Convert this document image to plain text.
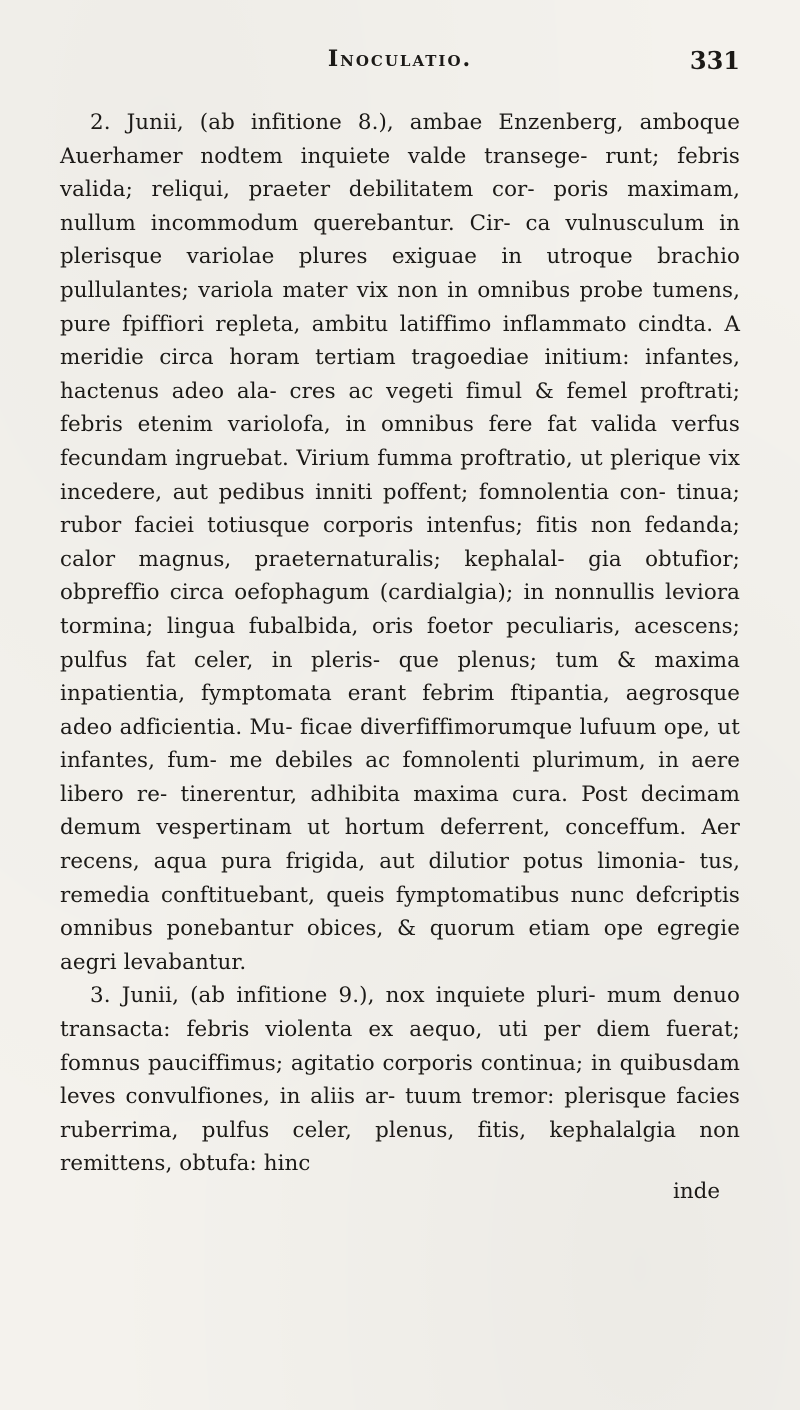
Inoculatio.	331

2. Junii, (ab infitione 8.), ambae Enzenberg, amboque Auerhamer nodtem inquiete valde transege- runt; febris valida; reliqui, praeter debilitatem cor- poris maximam, nullum incommodum querebantur. Cir- ca vulnusculum in plerisque variolae plures exiguae in utroque brachio pullulantes; variola mater vix non in omnibus probe tumens, pure fpiffiori repleta, ambitu latiffimo inflammato cindta. A meridie circa horam tertiam tragoediae initium: infantes, hactenus adeo ala- cres ac vegeti fimul & femel proftrati; febris etenim variolofa, in omnibus fere fat valida verfus fecundam ingruebat. Virium fumma proftratio, ut plerique vix incedere, aut pedibus inniti poffent; fomnolentia con- tinua; rubor faciei totiusque corporis intenfus; fitis non fedanda; calor magnus, praeternaturalis; kephalal- gia obtufior; obpreffio circa oefophagum (cardialgia); in nonnullis leviora tormina; lingua fubalbida, oris foetor peculiaris, acescens; pulfus fat celer, in pleris- que plenus; tum & maxima inpatientia, fymptomata erant febrim ftipantia, aegrosque adeo adficientia. Mu- ficae diverfiffimorumque lufuum ope, ut infantes, fum- me debiles ac fomnolenti plurimum, in aere libero re- tinerentur, adhibita maxima cura. Post decimam demum vespertinam ut hortum deferrent, conceffum. Aer recens, aqua pura frigida, aut dilutior potus limonia- tus, remedia conftituebant, queis fymptomatibus nunc defcriptis omnibus ponebantur obices, & quorum etiam ope egregie aegri levabantur.

3. Junii, (ab infitione 9.), nox inquiete pluri- mum denuo transacta: febris violenta ex aequo, uti per diem fuerat; fomnus pauciffimus; agitatio corporis continua; in quibusdam leves convulfiones, in aliis ar- tuum tremor: plerisque facies ruberrima, pulfus celer, plenus, fitis, kephalalgia non remittens, obtufa: hinc

inde
